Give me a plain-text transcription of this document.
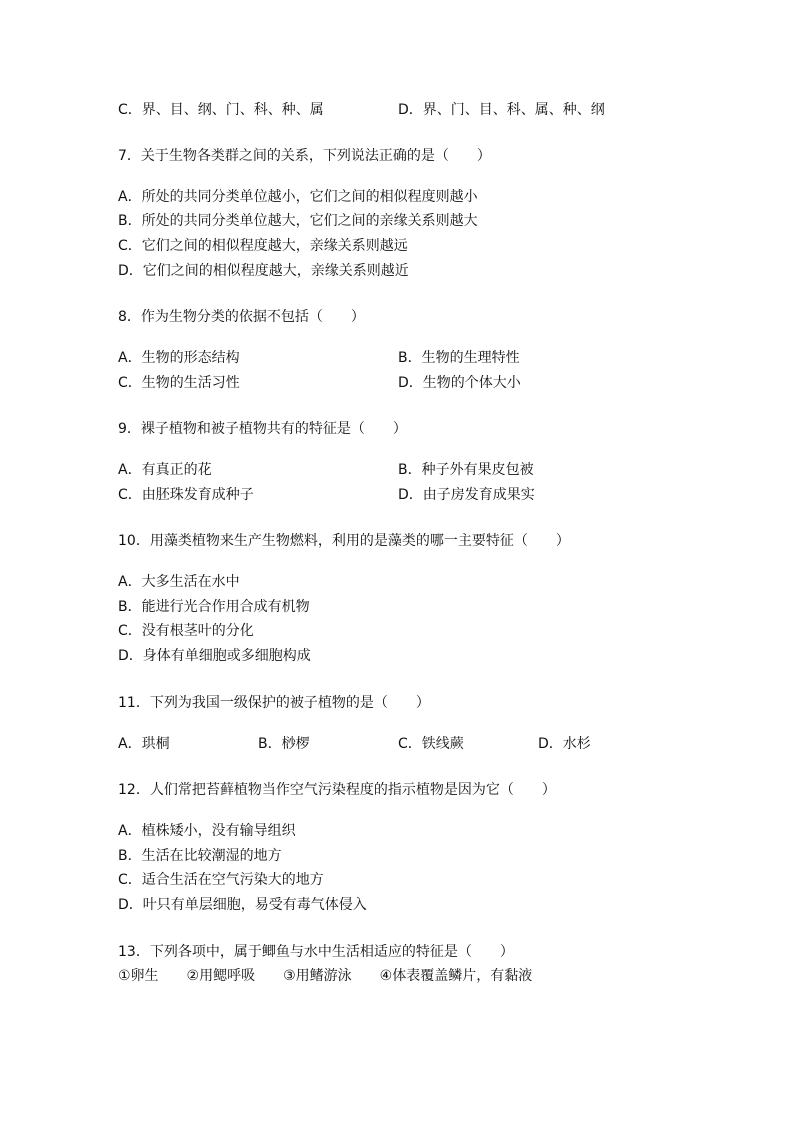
C．界、目、纲、门、科、种、属	D．界、门、目、科、属、种、纲
7．关于生物各类群之间的关系，下列说法正确的是（　　）
A．所处的共同分类单位越小，它们之间的相似程度则越小
B．所处的共同分类单位越大，它们之间的亲缘关系则越大
C．它们之间的相似程度越大，亲缘关系则越远
D．它们之间的相似程度越大，亲缘关系则越近
8．作为生物分类的依据不包括（　　）
A．生物的形态结构	B．生物的生理特性
C．生物的生活习性	D．生物的个体大小
9．裸子植物和被子植物共有的特征是（　　）
A．有真正的花	B．种子外有果皮包被
C．由胚珠发育成种子	D．由子房发育成果实
10．用藻类植物来生产生物燃料，利用的是藻类的哪一主要特征（　　）
A．大多生活在水中
B．能进行光合作用合成有机物
C．没有根茎叶的分化
D．身体有单细胞或多细胞构成
11．下列为我国一级保护的被子植物的是（　　）
A．珙桐	B．桫椤	C．铁线蕨	D．水杉
12．人们常把苔藓植物当作空气污染程度的指示植物是因为它（　　）
A．植株矮小，没有输导组织
B．生活在比较潮湿的地方
C．适合生活在空气污染大的地方
D．叶只有单层细胞，易受有毒气体侵入
13．下列各项中，属于鲫鱼与水中生活相适应的特征是（　　）
①卵生　　②用鳃呼吸　　③用鳍游泳　　④体表覆盖鳞片，有黏液
